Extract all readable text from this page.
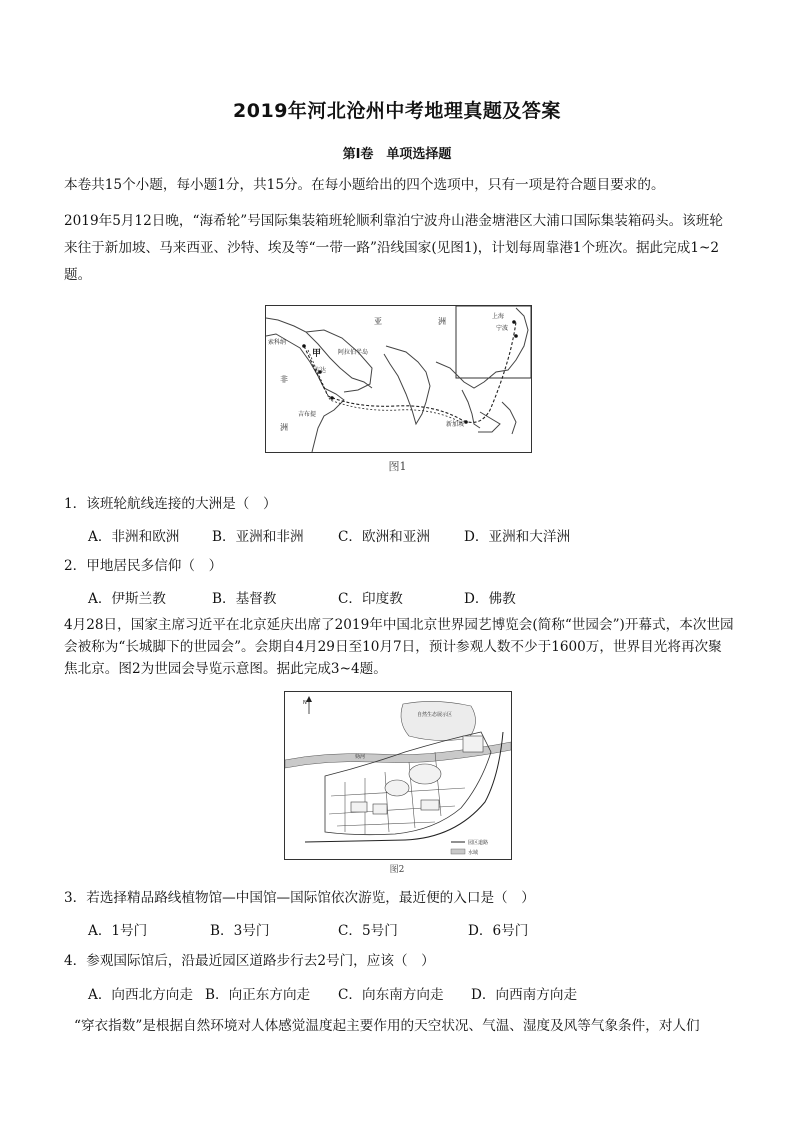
2019年河北沧州中考地理真题及答案
第Ⅰ卷　单项选择题
本卷共15个小题，每小题1分，共15分。在每小题给出的四个选项中，只有一项是符合题目要求的。
2019年5月12日晚，“海希轮”号国际集装箱班轮顺利靠泊宁波舟山港金塘港区大浦口国际集装箱码头。该班轮来往于新加坡、马来西亚、沙特、埃及等“一带一路”沿线国家(见图1)，计划每周靠港1个班次。据此完成1~2题。
亚	洲
上海
宁波
索科纳
阿拉伯半岛
甲
吉达
非
洲
吉布提
新加坡
图1
1．该班轮航线连接的大洲是（　）
A．非洲和欧洲 B．亚洲和非洲	C．欧洲和亚洲	D．亚洲和大洋洲
2．甲地居民多信仰（　）
A．伊斯兰教	B．基督教	C．印度教	D．佛教
4月28日，国家主席习近平在北京延庆出席了2019年中国北京世界园艺博览会(简称“世园会”)开幕式，本次世园会被称为“长城脚下的世园会”。会期自4月29日至10月7日，预计参观人数不少于1600万，世界目光将再次聚焦北京。图2为世园会导览示意图。据此完成3~4题。
N
妫河
自然生态展示区
园区道路
水域
图2
3．若选择精品路线植物馆—中国馆—国际馆依次游览，最近便的入口是（　）
A．1号门	B．3号门	C．5号门	D．6号门
4．参观国际馆后，沿最近园区道路步行去2号门，应该（　）
A．向西北方向走 B．向正东方向走 C．向东南方向走 D．向西南方向走
“穿衣指数”是根据自然环境对人体感觉温度起主要作用的天空状况、气温、湿度及风等气象条件，对人们
